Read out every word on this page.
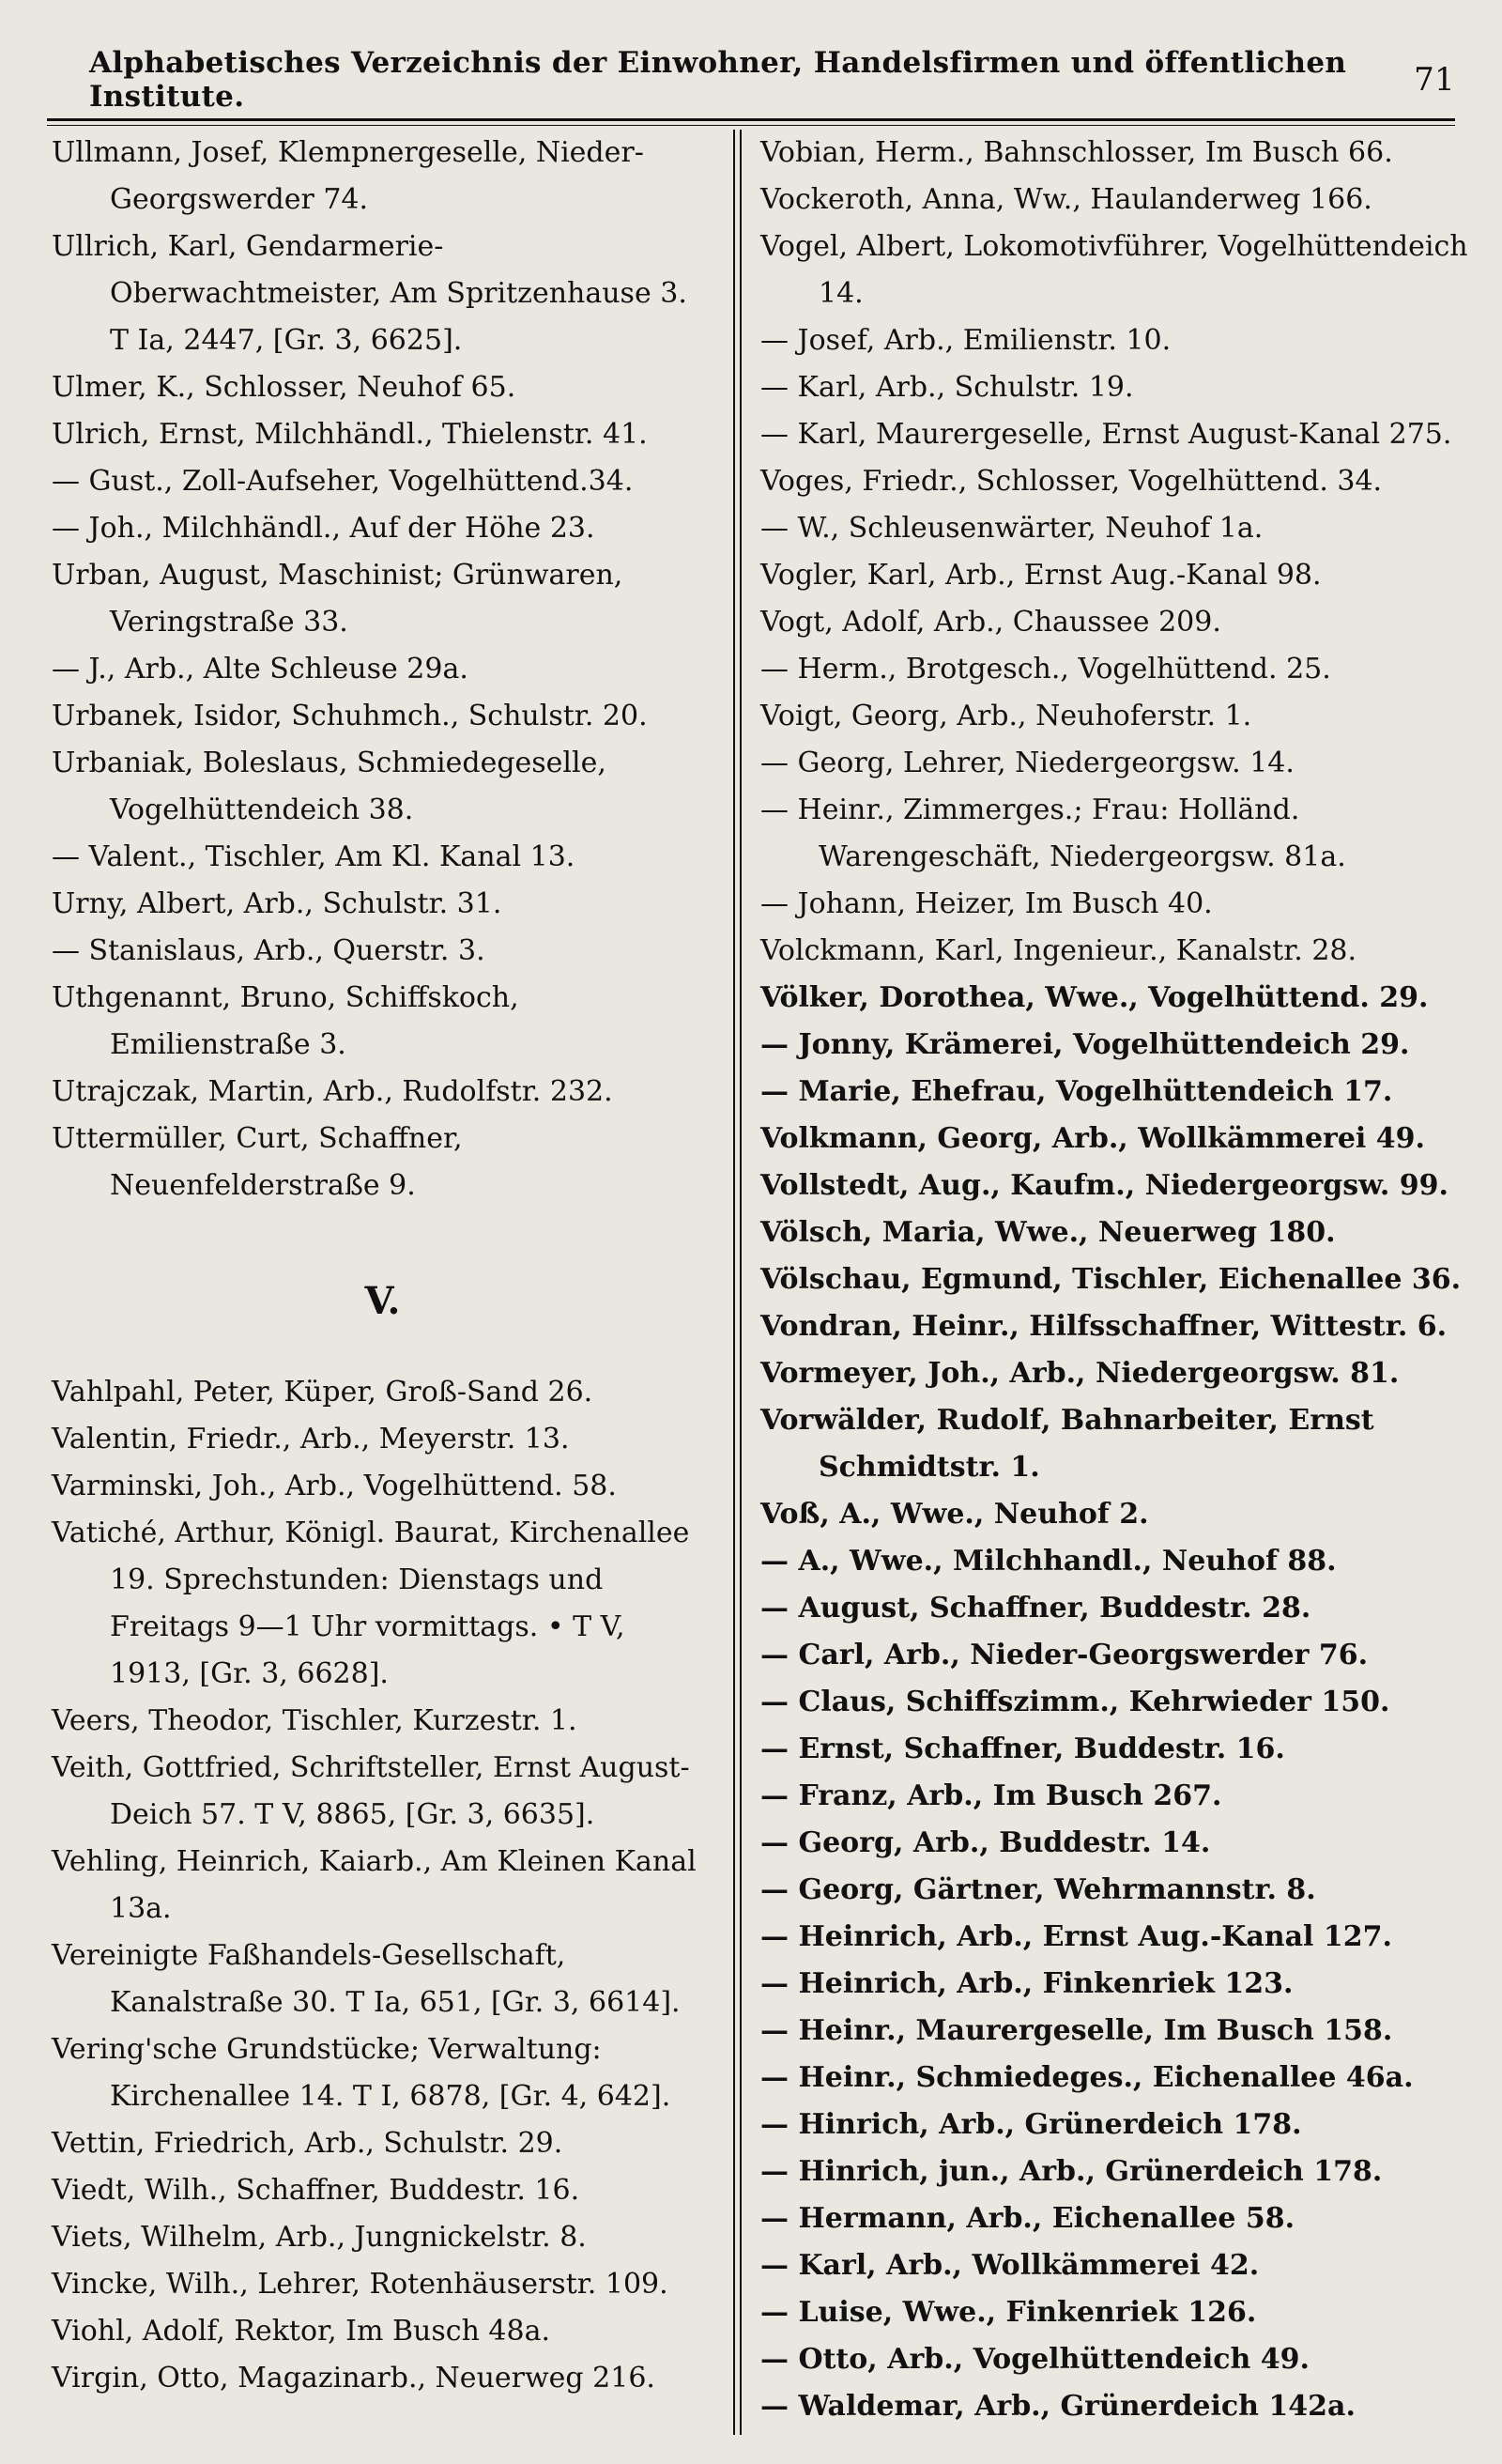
Alphabetisches Verzeichnis der Einwohner, Handelsfirmen und öffentlichen Institute.	71
Ullmann, Josef, Klempnergeselle, Nieder-Georgswerder 74.
Ullrich, Karl, Gendarmerie-Oberwachtmeister, Am Spritzenhause 3. T Ia, 2447, [Gr. 3, 6625].
Ulmer, K., Schlosser, Neuhof 65.
Ulrich, Ernst, Milchhändl., Thielenstr. 41.
— Gust., Zoll-Aufseher, Vogelhüttend.34.
— Joh., Milchhändl., Auf der Höhe 23.
Urban, August, Maschinist; Grünwaren, Veringstraße 33.
— J., Arb., Alte Schleuse 29a.
Urbanek, Isidor, Schuhmch., Schulstr. 20.
Urbaniak, Boleslaus, Schmiedegeselle, Vogelhüttendeich 38.
— Valent., Tischler, Am Kl. Kanal 13.
Urny, Albert, Arb., Schulstr. 31.
— Stanislaus, Arb., Querstr. 3.
Uthgenannt, Bruno, Schiffskoch, Emilienstraße 3.
Utrajczak, Martin, Arb., Rudolfstr. 232.
Uttermüller, Curt, Schaffner, Neuenfelderstraße 9.
V.
Vahlpahl, Peter, Küper, Groß-Sand 26.
Valentin, Friedr., Arb., Meyerstr. 13.
Varminski, Joh., Arb., Vogelhüttend. 58.
Vatiché, Arthur, Königl. Baurat, Kirchenallee 19. Sprechstunden: Dienstags und Freitags 9—1 Uhr vormittags. • T V, 1913, [Gr. 3, 6628].
Veers, Theodor, Tischler, Kurzestr. 1.
Veith, Gottfried, Schriftsteller, Ernst August-Deich 57. T V, 8865, [Gr. 3, 6635].
Vehling, Heinrich, Kaiarb., Am Kleinen Kanal 13a.
Vereinigte Faßhandels-Gesellschaft, Kanalstraße 30. T Ia, 651, [Gr. 3, 6614].
Vering'sche Grundstücke; Verwaltung: Kirchenallee 14. T I, 6878, [Gr. 4, 642].
Vettin, Friedrich, Arb., Schulstr. 29.
Viedt, Wilh., Schaffner, Buddestr. 16.
Viets, Wilhelm, Arb., Jungnickelstr. 8.
Vincke, Wilh., Lehrer, Rotenhäuserstr. 109.
Viohl, Adolf, Rektor, Im Busch 48a.
Virgin, Otto, Magazinarb., Neuerweg 216.
Vobian, Herm., Bahnschlosser, Im Busch 66.
Vockeroth, Anna, Ww., Haulanderweg 166.
Vogel, Albert, Lokomotivführer, Vogelhüttendeich 14.
— Josef, Arb., Emilienstr. 10.
— Karl, Arb., Schulstr. 19.
— Karl, Maurergeselle, Ernst August-Kanal 275.
Voges, Friedr., Schlosser, Vogelhüttend. 34.
— W., Schleusenwärter, Neuhof 1a.
Vogler, Karl, Arb., Ernst Aug.-Kanal 98.
Vogt, Adolf, Arb., Chaussee 209.
— Herm., Brotgesch., Vogelhüttend. 25.
Voigt, Georg, Arb., Neuhoferstr. 1.
— Georg, Lehrer, Niedergeorgsw. 14.
— Heinr., Zimmerges.; Frau: Holländ. Warengeschäft, Niedergeorgsw. 81a.
— Johann, Heizer, Im Busch 40.
Volckmann, Karl, Ingenieur., Kanalstr. 28.
Völker, Dorothea, Wwe., Vogelhüttend. 29.
— Jonny, Krämerei, Vogelhüttendeich 29.
— Marie, Ehefrau, Vogelhüttendeich 17.
Volkmann, Georg, Arb., Wollkämmerei 49.
Vollstedt, Aug., Kaufm., Niedergeorgsw. 99.
Völsch, Maria, Wwe., Neuerweg 180.
Völschau, Egmund, Tischler, Eichenallee 36.
Vondran, Heinr., Hilfsschaffner, Wittestr. 6.
Vormeyer, Joh., Arb., Niedergeorgsw. 81.
Vorwälder, Rudolf, Bahnarbeiter, Ernst Schmidtstr. 1.
Voß, A., Wwe., Neuhof 2.
— A., Wwe., Milchhandl., Neuhof 88.
— August, Schaffner, Buddestr. 28.
— Carl, Arb., Nieder-Georgswerder 76.
— Claus, Schiffszimm., Kehrwieder 150.
— Ernst, Schaffner, Buddestr. 16.
— Franz, Arb., Im Busch 267.
— Georg, Arb., Buddestr. 14.
— Georg, Gärtner, Wehrmannstr. 8.
— Heinrich, Arb., Ernst Aug.-Kanal 127.
— Heinrich, Arb., Finkenriek 123.
— Heinr., Maurergeselle, Im Busch 158.
— Heinr., Schmiedeges., Eichenallee 46a.
— Hinrich, Arb., Grünerdeich 178.
— Hinrich, jun., Arb., Grünerdeich 178.
— Hermann, Arb., Eichenallee 58.
— Karl, Arb., Wollkämmerei 42.
— Luise, Wwe., Finkenriek 126.
— Otto, Arb., Vogelhüttendeich 49.
— Waldemar, Arb., Grünerdeich 142a.
